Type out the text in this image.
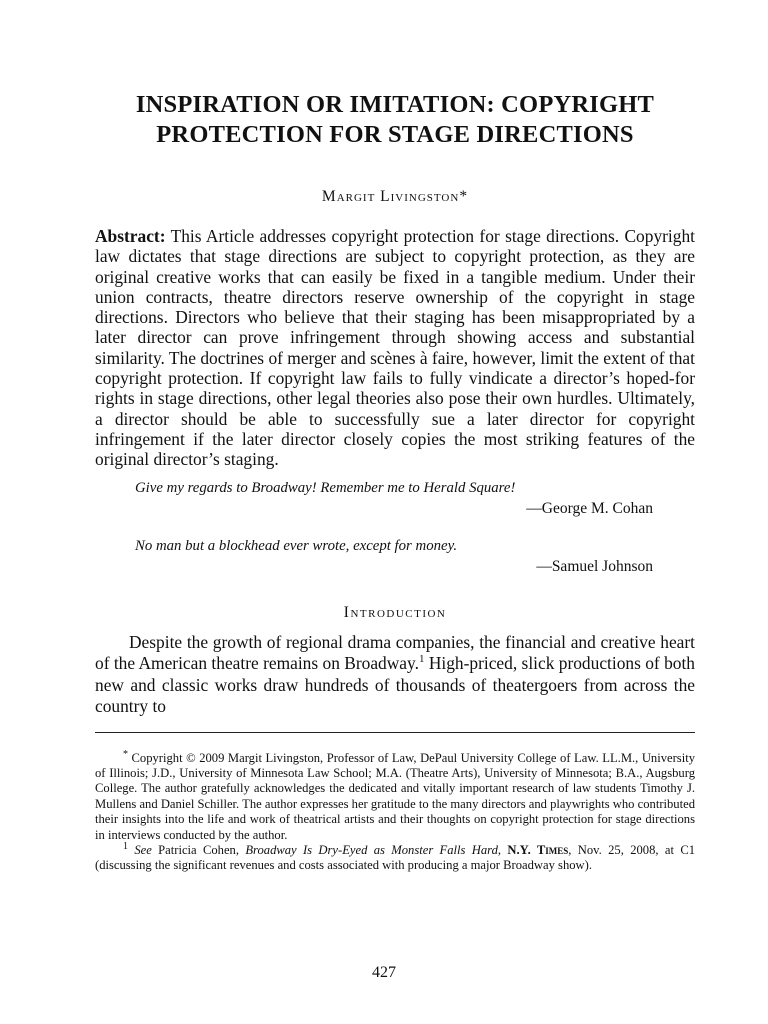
INSPIRATION OR IMITATION: COPYRIGHT
PROTECTION FOR STAGE DIRECTIONS
Margit Livingston*
Abstract: This Article addresses copyright protection for stage directions. Copyright law dictates that stage directions are subject to copyright protection, as they are original creative works that can easily be fixed in a tangible medium. Under their union contracts, theatre directors reserve ownership of the copyright in stage directions. Directors who believe that their staging has been misappropriated by a later director can prove infringement through showing access and substantial similarity. The doctrines of merger and scènes à faire, however, limit the extent of that copyright protection. If copyright law fails to fully vindicate a director’s hoped-for rights in stage directions, other legal theories also pose their own hurdles. Ultimately, a director should be able to successfully sue a later director for copyright infringement if the later director closely copies the most striking features of the original director’s staging.
Give my regards to Broadway! Remember me to Herald Square!
—George M. Cohan
No man but a blockhead ever wrote, except for money.
—Samuel Johnson
Introduction
Despite the growth of regional drama companies, the financial and creative heart of the American theatre remains on Broadway.$^1$ High-priced, slick productions of both new and classic works draw hundreds of thousands of theatergoers from across the country to

* Copyright © 2009 Margit Livingston, Professor of Law, DePaul University College of Law. LL.M., University of Illinois; J.D., University of Minnesota Law School; M.A. (Theatre Arts), University of Minnesota; B.A., Augsburg College. The author gratefully acknowledges the dedicated and vitally important research of law students Timothy J. Mullens and Daniel Schiller. The author expresses her gratitude to the many directors and playwrights who contributed their insights into the life and work of theatrical artists and their thoughts on copyright protection for stage directions in interviews conducted by the author.

$^1$ See Patricia Cohen, Broadway Is Dry-Eyed as Monster Falls Hard, N.Y. Times, Nov. 25, 2008, at C1 (discussing the significant revenues and costs associated with producing a major Broadway show).

427
